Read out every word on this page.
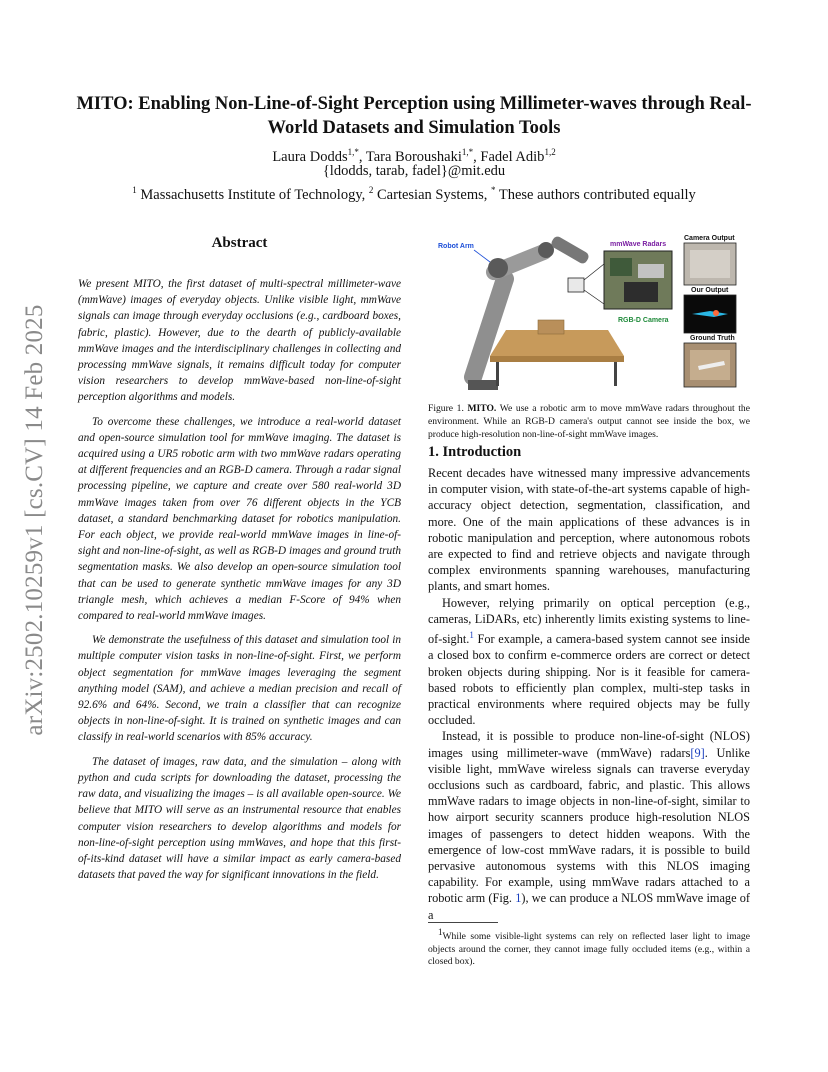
arXiv:2502.10259v1 [cs.CV] 14 Feb 2025
MITO: Enabling Non-Line-of-Sight Perception using Millimeter-waves through Real-World Datasets and Simulation Tools
Laura Dodds$^{1,*}$, Tara Boroushaki$^{1,*}$, Fadel Adib$^{1,2}$
{ldodds, tarab, fadel}@mit.edu
$^1$ Massachusetts Institute of Technology, $^2$ Cartesian Systems, * These authors contributed equally
Abstract

We present MITO, the first dataset of multi-spectral millimeter-wave (mmWave) images of everyday objects. Unlike visible light, mmWave signals can image through everyday occlusions (e.g., cardboard boxes, fabric, plastic). However, due to the dearth of publicly-available mmWave images and the interdisciplinary challenges in collecting and processing mmWave signals, it remains difficult today for computer vision researchers to develop mmWave-based non-line-of-sight perception algorithms and models.

To overcome these challenges, we introduce a real-world dataset and open-source simulation tool for mmWave imaging. The dataset is acquired using a UR5 robotic arm with two mmWave radars operating at different frequencies and an RGB-D camera. Through a radar signal processing pipeline, we capture and create over 580 real-world 3D mmWave images taken from over 76 different objects in the YCB dataset, a standard benchmarking dataset for robotics manipulation. For each object, we provide real-world mmWave images in line-of-sight and non-line-of-sight, as well as RGB-D images and ground truth segmentation masks. We also develop an open-source simulation tool that can be used to generate synthetic mmWave images for any 3D triangle mesh, which achieves a median F-Score of 94% when compared to real-world mmWave images.

We demonstrate the usefulness of this dataset and simulation tool in multiple computer vision tasks in non-line-of-sight. First, we perform object segmentation for mmWave images leveraging the segment anything model (SAM), and achieve a median precision and recall of 92.6% and 64%. Second, we train a classifier that can recognize objects in non-line-of-sight. It is trained on synthetic images and can classify in real-world scenarios with 85% accuracy.

The dataset of images, raw data, and the simulation – along with python and cuda scripts for downloading the dataset, processing the raw data, and visualizing the images – is all available open-source. We believe that MITO will serve as an instrumental resource that enables computer vision researchers to develop algorithms and models for non-line-of-sight perception using mmWaves, and hope that this first-of-its-kind dataset will have a similar impact as early camera-based datasets that paved the way for significant innovations in the field.

Robot Arm	mmWave Radars
RGB-D Camera
Camera Output
Our Output
Ground Truth
Figure 1. MITO. We use a robotic arm to move mmWave radars throughout the environment. While an RGB-D camera's output cannot see inside the box, we produce high-resolution non-line-of-sight mmWave images.
1. Introduction

Recent decades have witnessed many impressive advancements in computer vision, with state-of-the-art systems capable of high-accuracy object detection, segmentation, classification, and more. One of the main applications of these advances is in robotic manipulation and perception, where autonomous robots are expected to find and retrieve objects and navigate through complex environments spanning warehouses, manufacturing plants, and smart homes.

However, relying primarily on optical perception (e.g., cameras, LiDARs, etc) inherently limits existing systems to line-of-sight.$^1$ For example, a camera-based system cannot see inside a closed box to confirm e-commerce orders are correct or detect broken objects during shipping. Nor is it feasible for camera-based robots to efficiently plan complex, multi-step tasks in practical environments where required objects may be fully occluded.

Instead, it is possible to produce non-line-of-sight (NLOS) images using millimeter-wave (mmWave) radars[9]. Unlike visible light, mmWave wireless signals can traverse everyday occlusions such as cardboard, fabric, and plastic. This allows mmWave radars to image objects in non-line-of-sight, similar to how airport security scanners produce high-resolution NLOS images of passengers to detect hidden weapons. With the emergence of low-cost mmWave radars, it is possible to build pervasive autonomous systems with this NLOS imaging capability. For example, using mmWave radars attached to a robotic arm (Fig. 1), we can produce a NLOS mmWave image of a

$^1$While some visible-light systems can rely on reflected laser light to image objects around the corner, they cannot image fully occluded items (e.g., within a closed box).
